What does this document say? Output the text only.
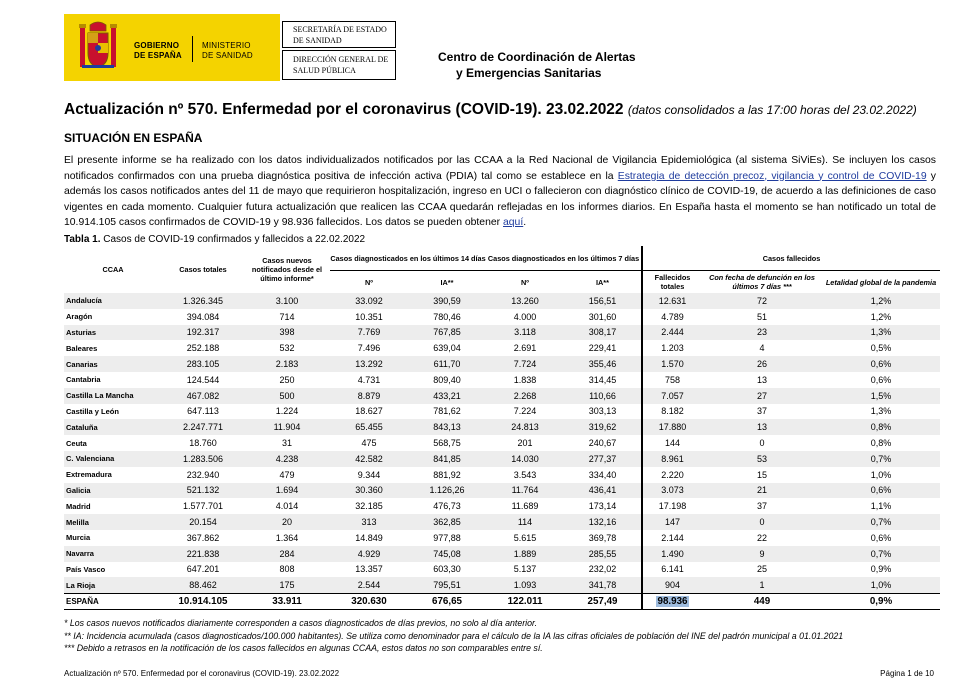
GOBIERNO
DE ESPAÑA
MINISTERIO
DE SANIDAD
SECRETARÍA DE ESTADO
DE SANIDAD
DIRECCIÓN GENERAL DE
SALUD PÚBLICA

Centro de Coordinación de Alertas
y Emergencias Sanitarias

Actualización nº 570. Enfermedad por el coronavirus (COVID-19). 23.02.2022 (datos consolidados a las 17:00 horas del 23.02.2022)
SITUACIÓN EN ESPAÑA
El presente informe se ha realizado con los datos individualizados notificados por las CCAA a la Red Nacional de Vigilancia Epidemiológica (al sistema SiViEs). Se incluyen los casos notificados confirmados con una prueba diagnóstica positiva de infección activa (PDIA) tal como se establece en la Estrategia de detección precoz, vigilancia y control de COVID-19 y además los casos notificados antes del 11 de mayo que requirieron hospitalización, ingreso en UCI o fallecieron con diagnóstico clínico de COVID-19, de acuerdo a las definiciones de caso vigentes en cada momento. Cualquier futura actualización que realicen las CCAA quedarán reflejadas en los informes diarios. En España hasta el momento se han notificado un total de 10.914.105 casos confirmados de COVID-19 y 98.936 fallecidos. Los datos se pueden obtener aquí.
Tabla 1. Casos de COVID-19 confirmados y fallecidos a 22.02.2022
CCAA	Casos totales	Casos nuevos notificados desde el último informe*	Casos diagnosticados en los últimos 14 días		Casos diagnosticados en los últimos 7 días		Casos fallecidos		
			Nº	IA**	Nº	IA**	Fallecidos totales	Con fecha de defunción en los últimos 7 días ***	Letalidad global de la pandemia
Andalucía	1.326.345	3.100	33.092	390,59	13.260	156,51	12.631	72	1,2%
Aragón	394.084	714	10.351	780,46	4.000	301,60	4.789	51	1,2%
Asturias	192.317	398	7.769	767,85	3.118	308,17	2.444	23	1,3%
Baleares	252.188	532	7.496	639,04	2.691	229,41	1.203	4	0,5%
Canarias	283.105	2.183	13.292	611,70	7.724	355,46	1.570	26	0,6%
Cantabria	124.544	250	4.731	809,40	1.838	314,45	758	13	0,6%
Castilla La Mancha	467.082	500	8.879	433,21	2.268	110,66	7.057	27	1,5%
Castilla y León	647.113	1.224	18.627	781,62	7.224	303,13	8.182	37	1,3%
Cataluña	2.247.771	11.904	65.455	843,13	24.813	319,62	17.880	13	0,8%
Ceuta	18.760	31	475	568,75	201	240,67	144	0	0,8%
C. Valenciana	1.283.506	4.238	42.582	841,85	14.030	277,37	8.961	53	0,7%
Extremadura	232.940	479	9.344	881,92	3.543	334,40	2.220	15	1,0%
Galicia	521.132	1.694	30.360	1.126,26	11.764	436,41	3.073	21	0,6%
Madrid	1.577.701	4.014	32.185	476,73	11.689	173,14	17.198	37	1,1%
Melilla	20.154	20	313	362,85	114	132,16	147	0	0,7%
Murcia	367.862	1.364	14.849	977,88	5.615	369,78	2.144	22	0,6%
Navarra	221.838	284	4.929	745,08	1.889	285,55	1.490	9	0,7%
País Vasco	647.201	808	13.357	603,30	5.137	232,02	6.141	25	0,9%
La Rioja	88.462	175	2.544	795,51	1.093	341,78	904	1	1,0%
ESPAÑA	10.914.105	33.911	320.630	676,65	122.011	257,49	98.936	449	0,9%
* Los casos nuevos notificados diariamente corresponden a casos diagnosticados de días previos, no solo al día anterior.
** IA: Incidencia acumulada (casos diagnosticados/100.000 habitantes). Se utiliza como denominador para el cálculo de la IA las cifras oficiales de población del INE del padrón municipal a 01.01.2021
*** Debido a retrasos en la notificación de los casos fallecidos en algunas CCAA, estos datos no son comparables entre sí.
Actualización nº 570. Enfermedad por el coronavirus (COVID-19). 23.02.2022	Página 1 de 10
